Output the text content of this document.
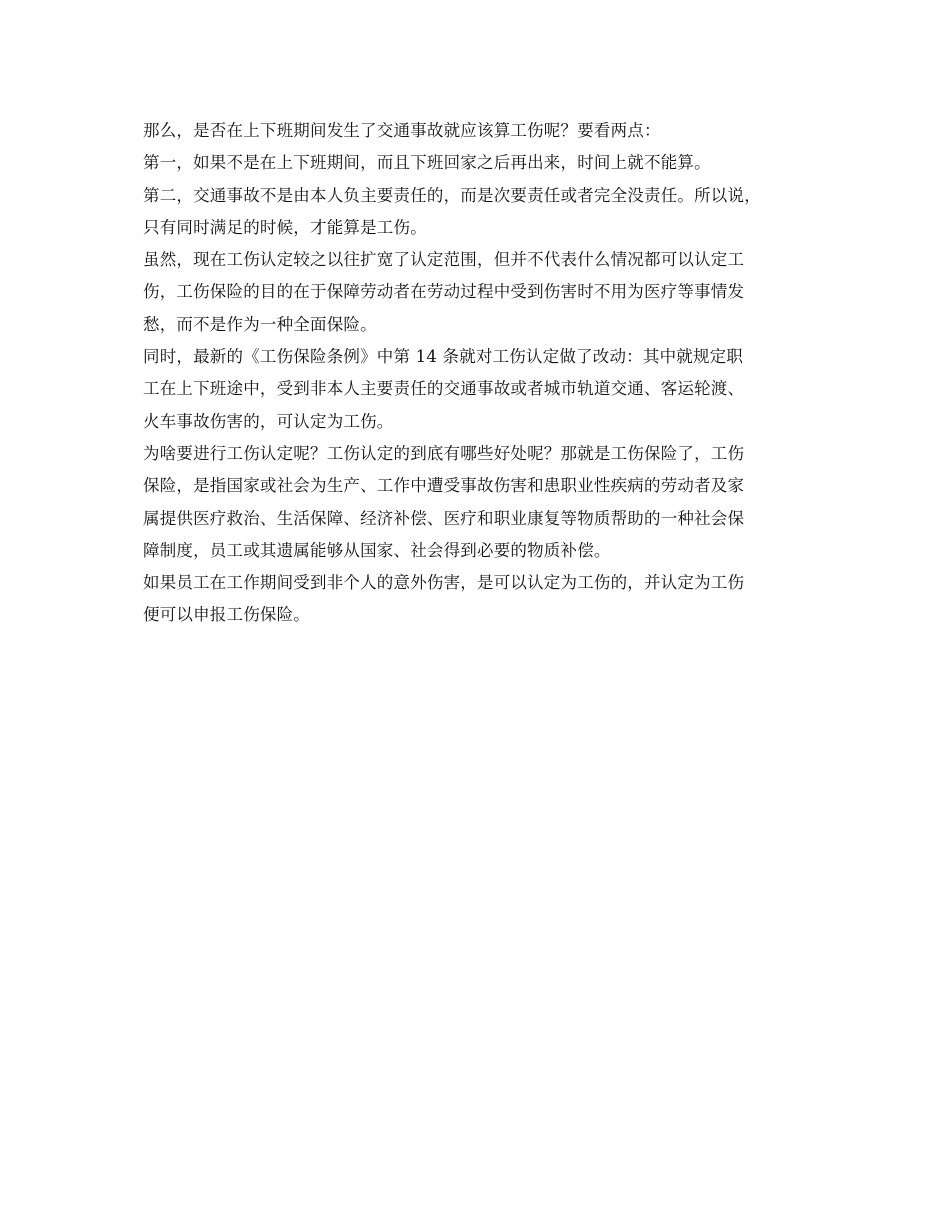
那么，是否在上下班期间发生了交通事故就应该算工伤呢？要看两点：
第一，如果不是在上下班期间，而且下班回家之后再出来，时间上就不能算。
第二，交通事故不是由本人负主要责任的，而是次要责任或者完全没责任。所以说，
只有同时满足的时候，才能算是工伤。
虽然，现在工伤认定较之以往扩宽了认定范围，但并不代表什么情况都可以认定工
伤，工伤保险的目的在于保障劳动者在劳动过程中受到伤害时不用为医疗等事情发
愁，而不是作为一种全面保险。
同时，最新的《工伤保险条例》中第 14 条就对工伤认定做了改动：其中就规定职
工在上下班途中，受到非本人主要责任的交通事故或者城市轨道交通、客运轮渡、
火车事故伤害的，可认定为工伤。
为啥要进行工伤认定呢？工伤认定的到底有哪些好处呢？那就是工伤保险了，工伤
保险，是指国家或社会为生产、工作中遭受事故伤害和患职业性疾病的劳动者及家
属提供医疗救治、生活保障、经济补偿、医疗和职业康复等物质帮助的一种社会保
障制度，员工或其遗属能够从国家、社会得到必要的物质补偿。
如果员工在工作期间受到非个人的意外伤害，是可以认定为工伤的，并认定为工伤
便可以申报工伤保险。
